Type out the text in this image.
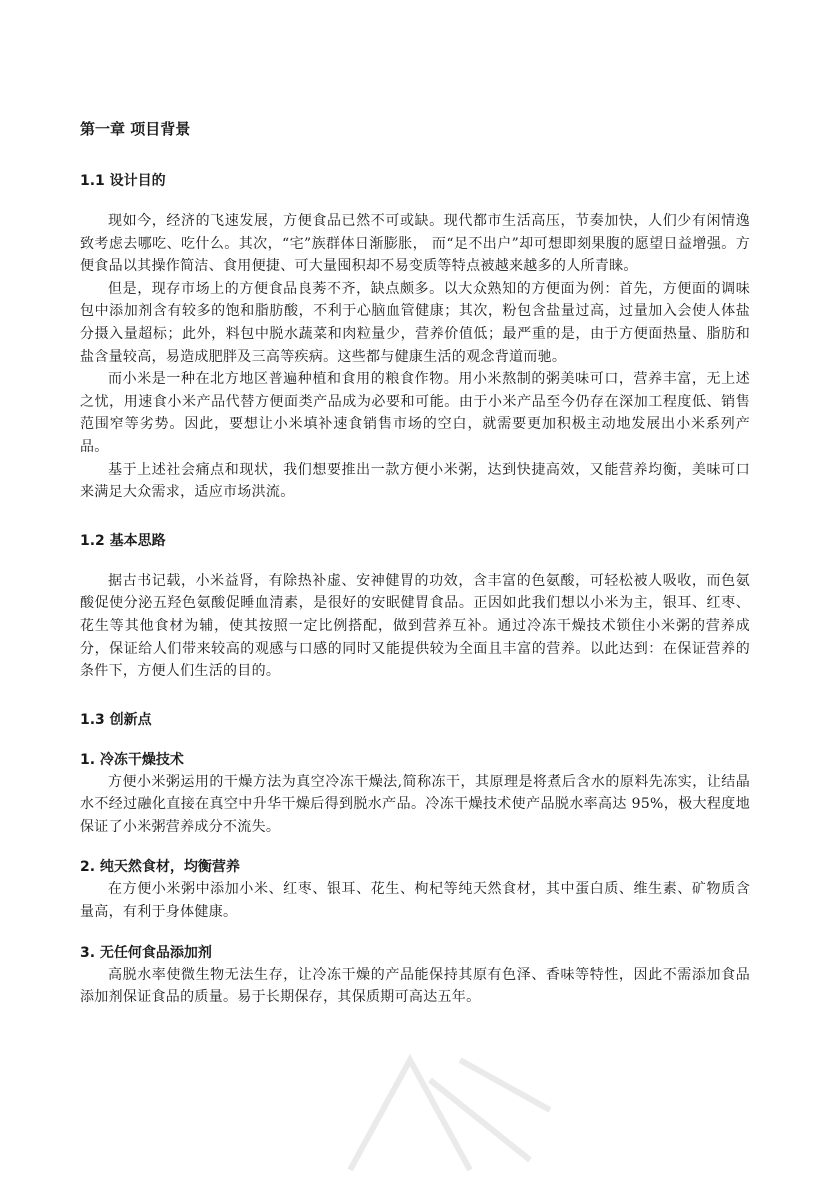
第一章 项目背景
1.1 设计目的

现如今，经济的飞速发展，方便食品已然不可或缺。现代都市生活高压，节奏加快，人们少有闲情逸致考虑去哪吃、吃什么。其次，“宅”族群体日渐膨胀， 而“足不出户”却可想即刻果腹的愿望日益增强。方便食品以其操作简洁、食用便捷、可大量囤积却不易变质等特点被越来越多的人所青睐。

但是，现存市场上的方便食品良莠不齐，缺点颇多。以大众熟知的方便面为例：首先，方便面的调味包中添加剂含有较多的饱和脂肪酸，不利于心脑血管健康；其次，粉包含盐量过高，过量加入会使人体盐分摄入量超标；此外，料包中脱水蔬菜和肉粒量少，营养价值低；最严重的是，由于方便面热量、脂肪和盐含量较高，易造成肥胖及三高等疾病。这些都与健康生活的观念背道而驰。

而小米是一种在北方地区普遍种植和食用的粮食作物。用小米熬制的粥美味可口，营养丰富，无上述之忧，用速食小米产品代替方便面类产品成为必要和可能。由于小米产品至今仍存在深加工程度低、销售范围窄等劣势。因此，要想让小米填补速食销售市场的空白，就需要更加积极主动地发展出小米系列产品。

基于上述社会痛点和现状，我们想要推出一款方便小米粥，达到快捷高效，又能营养均衡，美味可口来满足大众需求，适应市场洪流。

1.2 基本思路

据古书记载，小米益肾，有除热补虚、安神健胃的功效，含丰富的色氨酸，可轻松被人吸收，而色氨酸促使分泌五羟色氨酸促睡血清素，是很好的安眠健胃食品。正因如此我们想以小米为主，银耳、红枣、花生等其他食材为辅，使其按照一定比例搭配，做到营养互补。通过冷冻干燥技术锁住小米粥的营养成分，保证给人们带来较高的观感与口感的同时又能提供较为全面且丰富的营养。以此达到：在保证营养的条件下，方便人们生活的目的。

1.3 创新点
1. 冷冻干燥技术

方便小米粥运用的干燥方法为真空冷冻干燥法,简称冻干，其原理是将煮后含水的原料先冻实，让结晶水不经过融化直接在真空中升华干燥后得到脱水产品。冷冻干燥技术使产品脱水率高达 95%，极大程度地保证了小米粥营养成分不流失。

2. 纯天然食材，均衡营养

在方便小米粥中添加小米、红枣、银耳、花生、枸杞等纯天然食材，其中蛋白质、维生素、矿物质含量高，有利于身体健康。

3. 无任何食品添加剂

高脱水率使微生物无法生存，让冷冻干燥的产品能保持其原有色泽、香味等特性，因此不需添加食品添加剂保证食品的质量。易于长期保存，其保质期可高达五年。
